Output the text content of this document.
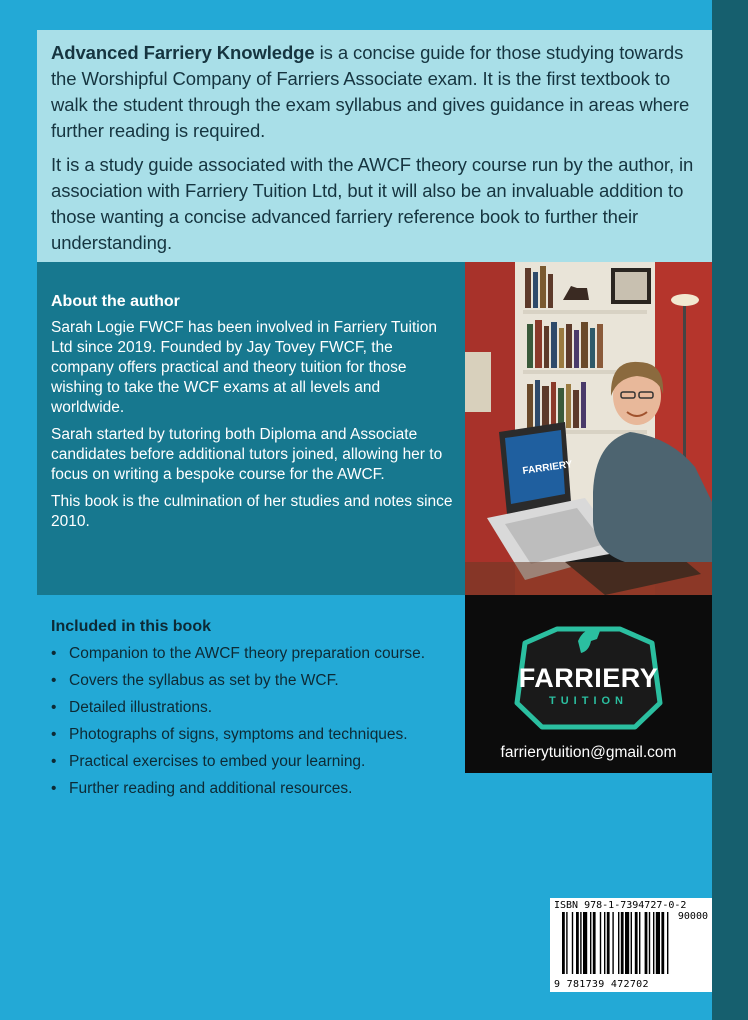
Advanced Farriery Knowledge is a concise guide for those studying towards the Worshipful Company of Farriers Associate exam. It is the first textbook to walk the student through the exam syllabus and gives guidance in areas where further reading is required.

It is a study guide associated with the AWCF theory course run by the author, in association with Farriery Tuition Ltd, but it will also be an invaluable addition to those wanting a concise advanced farriery reference book to further their understanding.

About the author

Sarah Logie FWCF has been involved in Farriery Tuition Ltd since 2019. Founded by Jay Tovey FWCF, the company offers practical and theory tuition for those wishing to take the WCF exams at all levels and worldwide.

Sarah started by tutoring both Diploma and Associate candidates before additional tutors joined, allowing her to focus on writing a bespoke course for the AWCF.

This book is the culmination of her studies and notes since 2010.

FARRIERY
FARRIERY
TUITION
farrierytuition@gmail.com
Included in this book
• Companion to the AWCF theory preparation course.
• Covers the syllabus as set by the WCF.
• Detailed illustrations.
• Photographs of signs, symptoms and techniques.
• Practical exercises to embed your learning.
• Further reading and additional resources.
ISBN 978-1-7394727-0-2
90000
9 781739 472702
